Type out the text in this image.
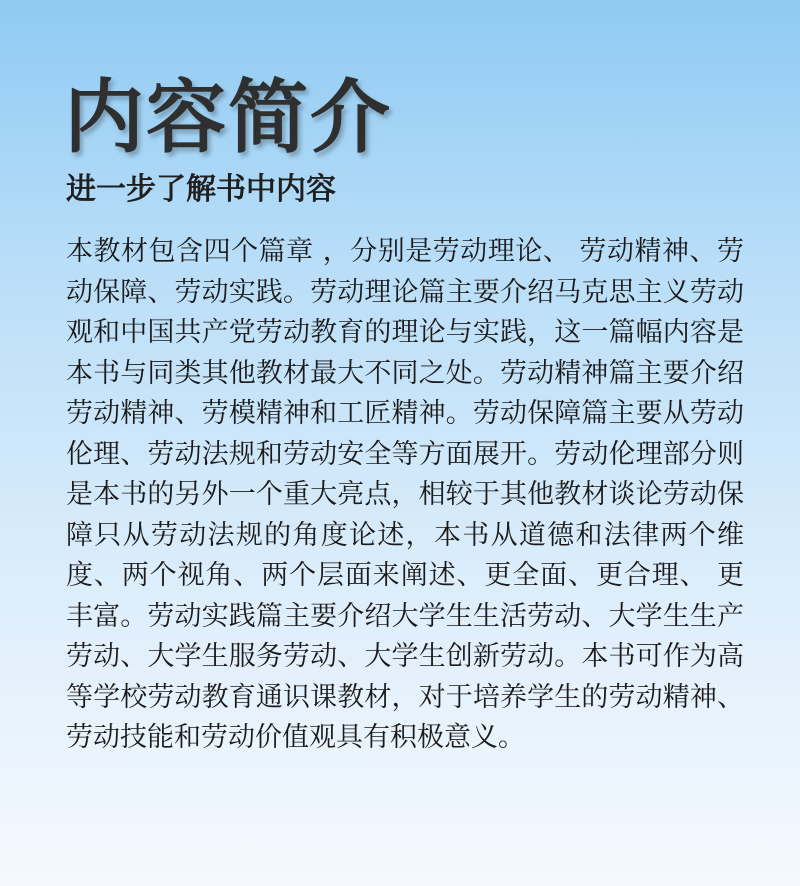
内容简介
进一步了解书中内容

本教材包含四个篇章 ，分别是劳动理论、 劳动精神、劳动保障、劳动实践。劳动理论篇主要介绍马克思主义劳动观和中国共产党劳动教育的理论与实践，这一篇幅内容是本书与同类其他教材最大不同之处。劳动精神篇主要介绍劳动精神、劳模精神和工匠精神。劳动保障篇主要从劳动伦理、劳动法规和劳动安全等方面展开。劳动伦理部分则是本书的另外一个重大亮点，相较于其他教材谈论劳动保障只从劳动法规的角度论述，本书从道德和法律两个维度、两个视角、两个层面来阐述、更全面、更合理、 更丰富。劳动实践篇主要介绍大学生生活劳动、大学生生产劳动、大学生服务劳动、大学生创新劳动。本书可作为高等学校劳动教育通识课教材，对于培养学生的劳动精神、 劳动技能和劳动价值观具有积极意义。
